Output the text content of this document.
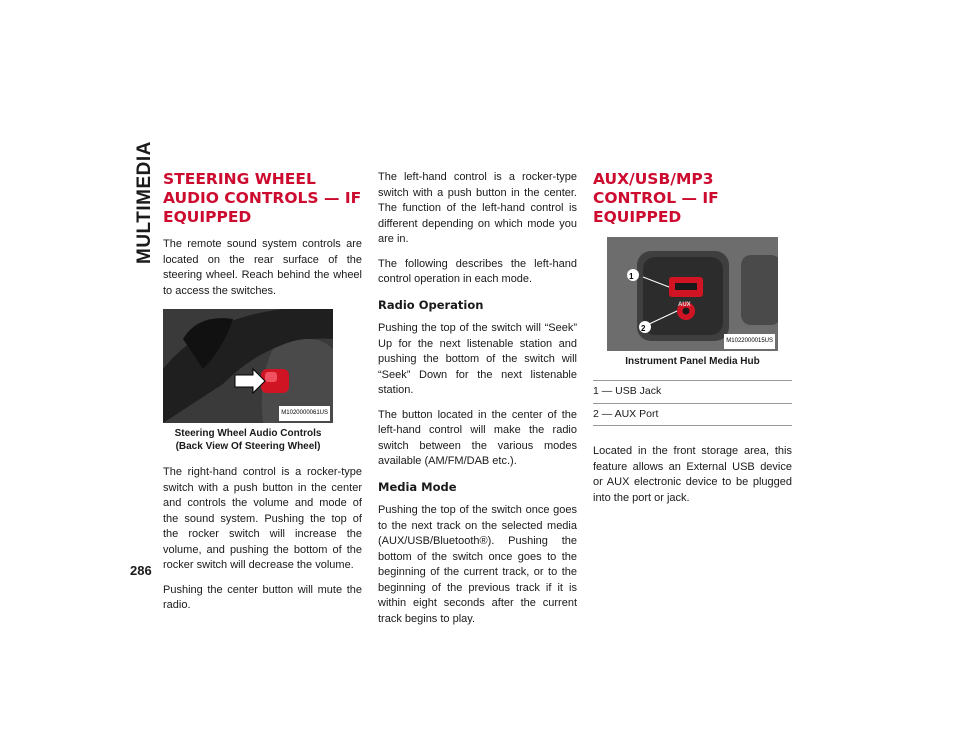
MULTIMEDIA
286
STEERING WHEEL AUDIO CONTROLS — IF EQUIPPED

The remote sound system controls are located on the rear surface of the steering wheel. Reach behind the wheel to access the switches.

M1020000061US
Steering Wheel Audio Controls (Back View Of Steering Wheel)

The right-hand control is a rocker-type switch with a push button in the center and controls the volume and mode of the sound system. Pushing the top of the rocker switch will increase the volume, and pushing the bottom of the rocker switch will decrease the volume.

Pushing the center button will mute the radio.

The left-hand control is a rocker-type switch with a push button in the center. The function of the left-hand control is different depending on which mode you are in.

The following describes the left-hand control operation in each mode.

Radio Operation

Pushing the top of the switch will “Seek” Up for the next listenable station and pushing the bottom of the switch will “Seek” Down for the next listenable station.

The button located in the center of the left-hand control will make the radio switch between the various modes available (AM/FM/DAB etc.).

Media Mode

Pushing the top of the switch once goes to the next track on the selected media (AUX/USB/Bluetooth®). Pushing the bottom of the switch once goes to the beginning of the current track, or to the beginning of the previous track if it is within eight seconds after the current track begins to play.

AUX/USB/MP3 CONTROL — IF EQUIPPED
1
2
AUX
M1022000015US
Instrument Panel Media Hub
1 — USB Jack
2 — AUX Port

Located in the front storage area, this feature allows an External USB device or AUX electronic device to be plugged into the port or jack.
